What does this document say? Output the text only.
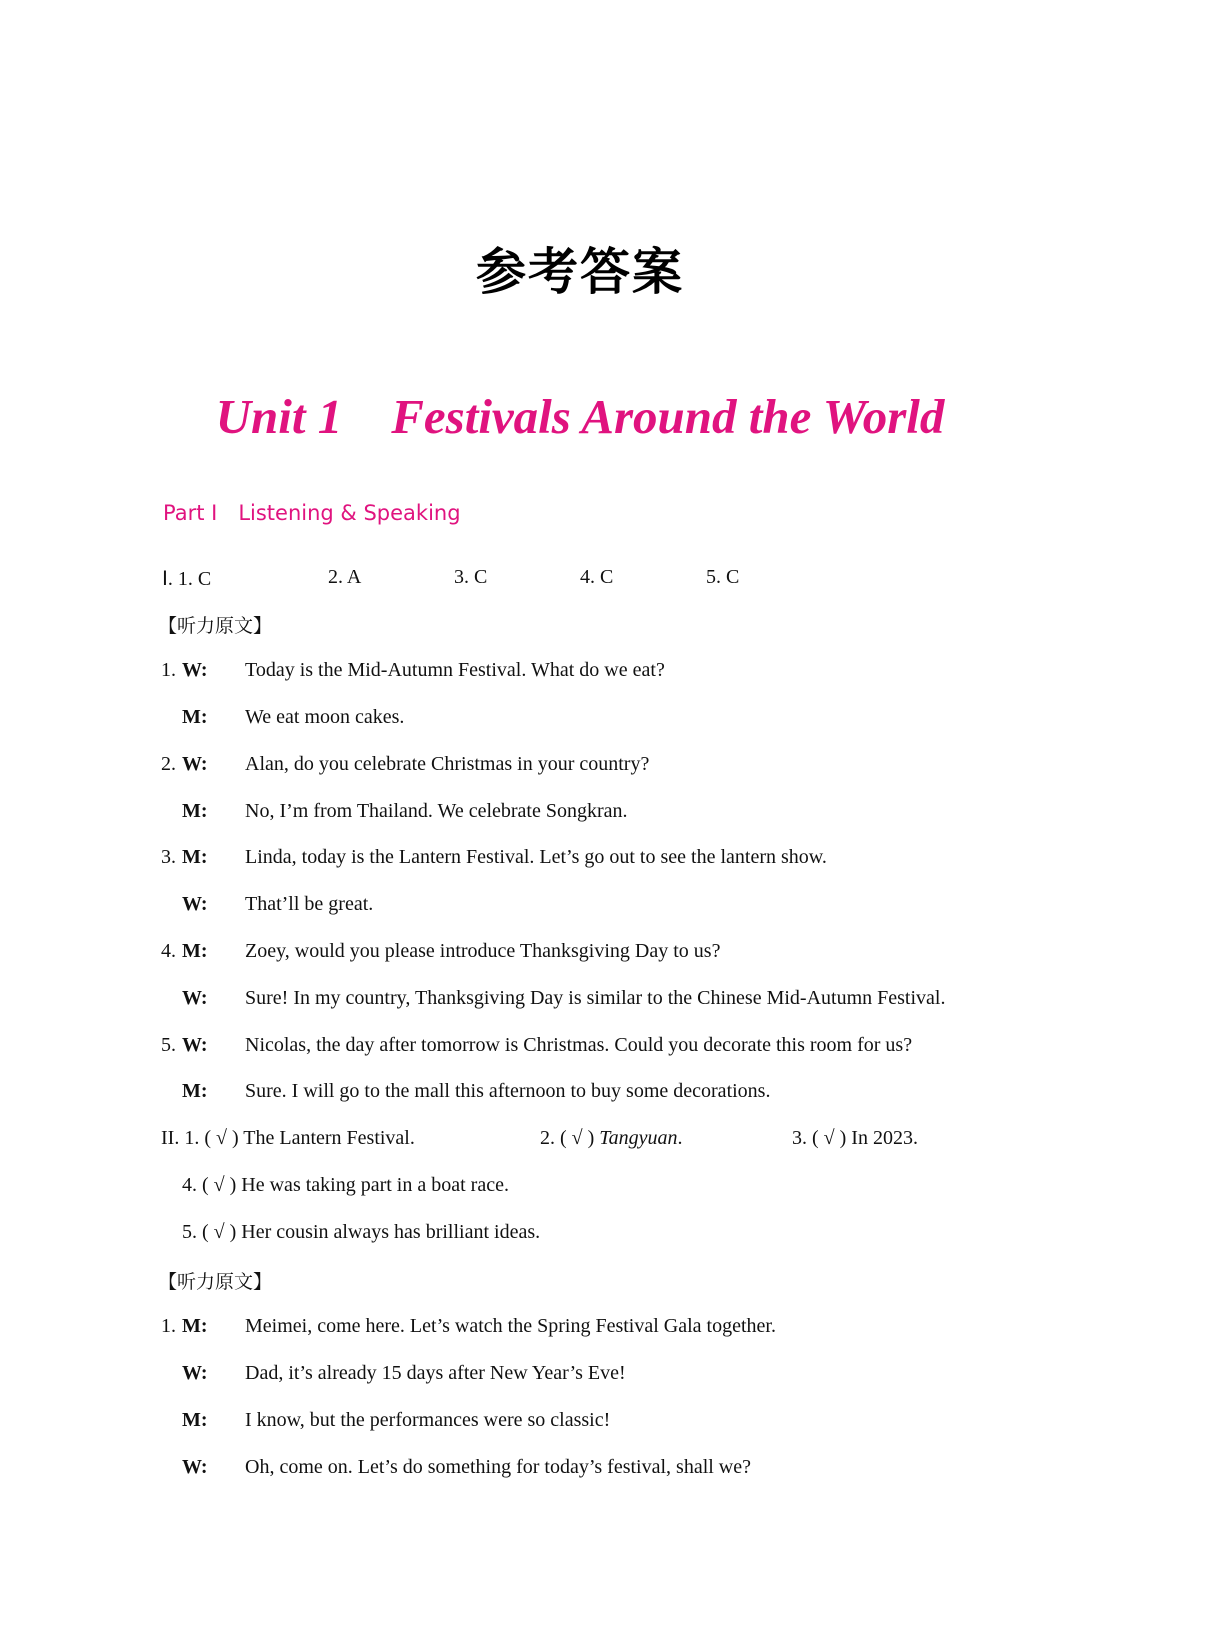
参考答案
Unit 1　Festivals Around the World
Part Ⅰ　Listening & Speaking
Ⅰ. 1. C	2. A	3. C	4. C	5. C
【听力原文】
1. W: Today is the Mid-Autumn Festival. What do we eat?
M: We eat moon cakes.
2. W: Alan, do you celebrate Christmas in your country?
M: No, I’m from Thailand. We celebrate Songkran.
3. M: Linda, today is the Lantern Festival. Let’s go out to see the lantern show.
W: That’ll be great.
4. M: Zoey, would you please introduce Thanksgiving Day to us?
W: Sure! In my country, Thanksgiving Day is similar to the Chinese Mid-Autumn Festival.
5. W: Nicolas, the day after tomorrow is Christmas. Could you decorate this room for us?
M: Sure. I will go to the mall this afternoon to buy some decorations.
II. 1. ( √ ) The Lantern Festival.	2. ( √ ) Tangyuan.	3. ( √ ) In 2023.
4. ( √ ) He was taking part in a boat race.
5. ( √ ) Her cousin always has brilliant ideas.
【听力原文】
1. M: Meimei, come here. Let’s watch the Spring Festival Gala together.
W: Dad, it’s already 15 days after New Year’s Eve!
M: I know, but the performances were so classic!
W: Oh, come on. Let’s do something for today’s festival, shall we?
